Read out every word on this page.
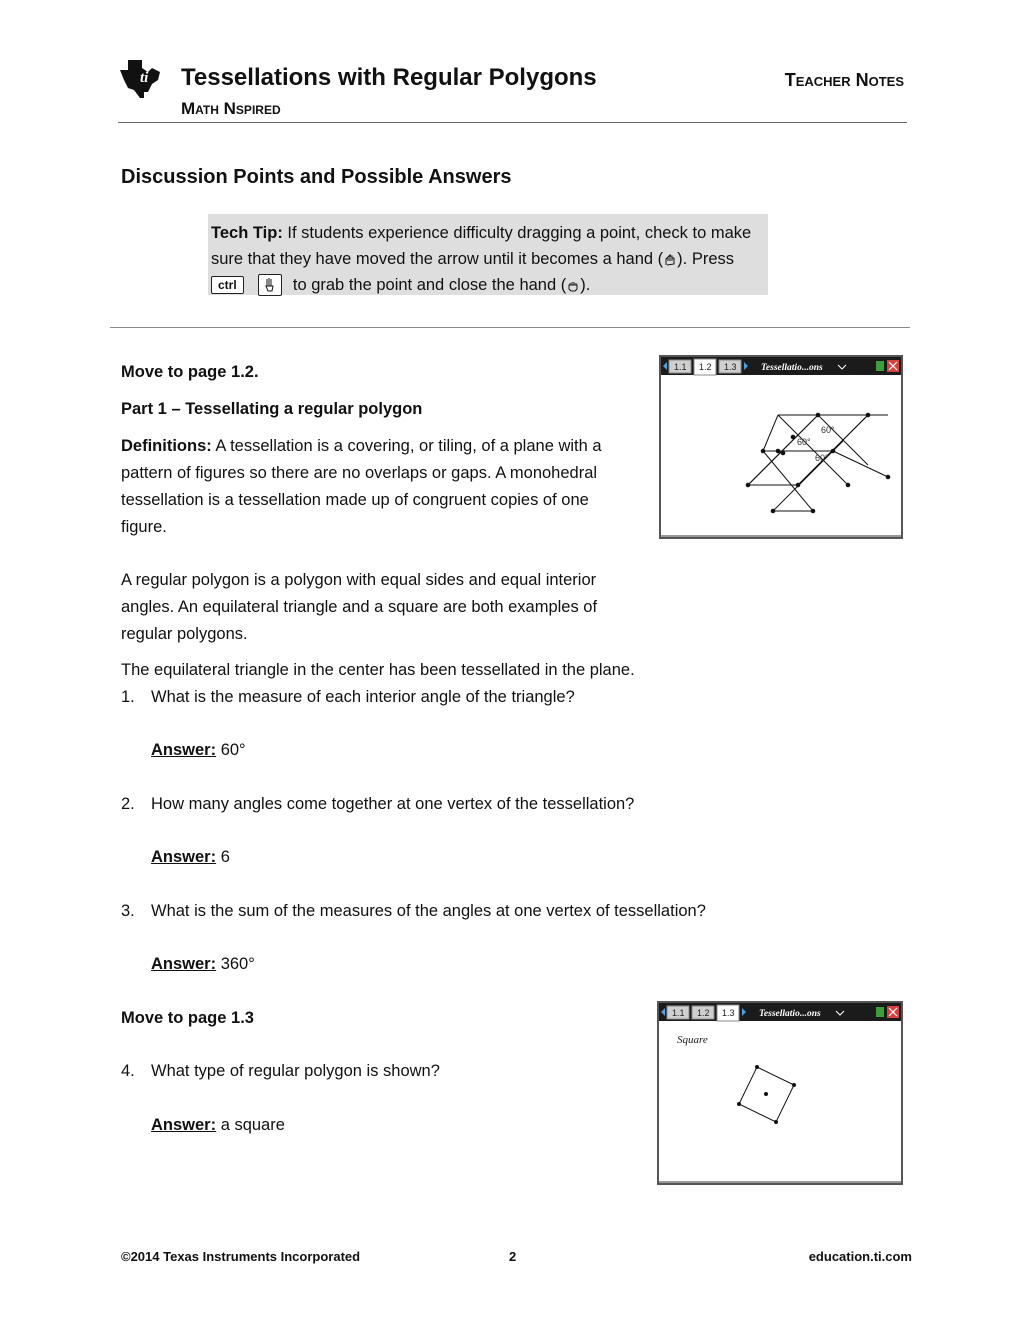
ti Tessellations with Regular Polygons
Math Nspired
Teacher Notes
Discussion Points and Possible Answers
Tech Tip: If students experience difficulty dragging a point, check to make sure that they have moved the arrow until it becomes a hand ( ). Press
ctrl	to grab the point and close the hand ( ).
Move to page 1.2.
Part 1 – Tessellating a regular polygon
Definitions: A tessellation is a covering, or tiling, of a plane with a pattern of figures so there are no overlaps or gaps. A monohedral tessellation is a tessellation made up of congruent copies of one figure.
A regular polygon is a polygon with equal sides and equal interior angles. An equilateral triangle and a square are both examples of regular polygons.
The equilateral triangle in the center has been tessellated in the plane.
1. What is the measure of each interior angle of the triangle?
Answer: 60°
2. How many angles come together at one vertex of the tessellation?
Answer: 6
3. What is the sum of the measures of the angles at one vertex of tessellation?
Answer: 360°
Move to page 1.3
4. What type of regular polygon is shown?
Answer: a square
1.1 1.2 1.3	Tessellatio...ons
60°
60°
60°
1.1 1.2 1.3	Tessellatio...ons
Square
©2014 Texas Instruments Incorporated	2	education.ti.com
